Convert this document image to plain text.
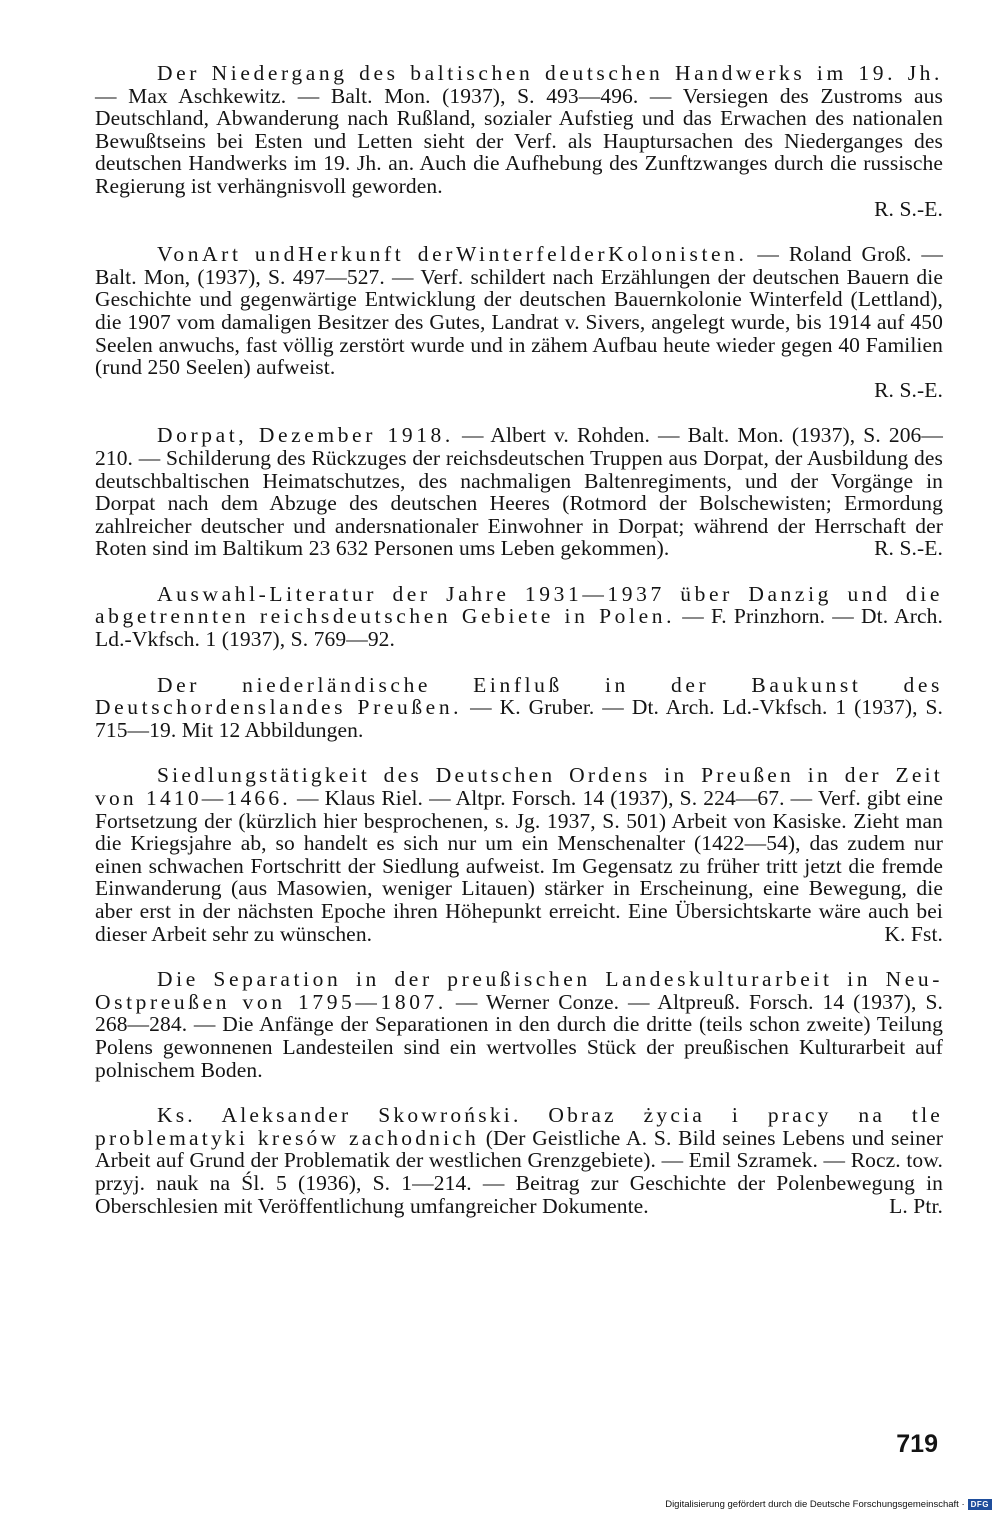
Der Niedergang des baltischen deutschen Handwerks im 19. Jh. — Max Aschkewitz. — Balt. Mon. (1937), S. 493—496. — Versiegen des Zustroms aus Deutschland, Abwanderung nach Rußland, sozialer Aufstieg und das Erwachen des nationalen Bewußtseins bei Esten und Letten sieht der Verf. als Hauptursachen des Niederganges des deutschen Handwerks im 19. Jh. an. Auch die Aufhebung des Zunftzwanges durch die russische Regierung ist verhängnisvoll geworden.

R. S.-E.

VonArt undHerkunft derWinterfelderKolonisten. — Roland Groß. — Balt. Mon, (1937), S. 497—527. — Verf. schildert nach Erzählungen der deutschen Bauern die Geschichte und gegenwärtige Entwicklung der deutschen Bauernkolonie Winterfeld (Lettland), die 1907 vom damaligen Besitzer des Gutes, Landrat v. Sivers, angelegt wurde, bis 1914 auf 450 Seelen anwuchs, fast völlig zerstört wurde und in zähem Aufbau heute wieder gegen 40 Familien (rund 250 Seelen) aufweist.

R. S.-E.

Dorpat, Dezember 1918. — Albert v. Rohden. — Balt. Mon. (1937), S. 206—210. — Schilderung des Rückzuges der reichsdeutschen Truppen aus Dorpat, der Ausbildung des deutschbaltischen Heimatschutzes, des nachmaligen Baltenregiments, und der Vorgänge in Dorpat nach dem Abzuge des deutschen Heeres (Rotmord der Bolschewisten; Ermordung zahlreicher deutscher und andersnationaler Einwohner in Dorpat; während der Herrschaft der Roten sind im Baltikum 23 632 Personen ums Leben gekommen).	R. S.-E.

Auswahl-Literatur der Jahre 1931—1937 über Danzig und die abgetrennten reichsdeutschen Gebiete in Polen. — F. Prinzhorn. — Dt. Arch. Ld.-Vkfsch. 1 (1937), S. 769—92.

Der niederländische Einfluß in der Baukunst des Deutschordenslandes Preußen. — K. Gruber. — Dt. Arch. Ld.-Vkfsch. 1 (1937), S. 715—19. Mit 12 Abbildungen.

Siedlungstätigkeit des Deutschen Ordens in Preußen in der Zeit von 1410—1466. — Klaus Riel. — Altpr. Forsch. 14 (1937), S. 224—67. — Verf. gibt eine Fortsetzung der (kürzlich hier besprochenen, s. Jg. 1937, S. 501) Arbeit von Kasiske. Zieht man die Kriegsjahre ab, so handelt es sich nur um ein Menschenalter (1422—54), das zudem nur einen schwachen Fortschritt der Siedlung aufweist. Im Gegensatz zu früher tritt jetzt die fremde Einwanderung (aus Masowien, weniger Litauen) stärker in Erscheinung, eine Bewegung, die aber erst in der nächsten Epoche ihren Höhepunkt erreicht. Eine Übersichtskarte wäre auch bei dieser Arbeit sehr zu wünschen.	K. Fst.

Die Separation in der preußischen Landeskulturarbeit in Neu-Ostpreußen von 1795—1807. — Werner Conze. — Altpreuß. Forsch. 14 (1937), S. 268—284. — Die Anfänge der Separationen in den durch die dritte (teils schon zweite) Teilung Polens gewonnenen Landesteilen sind ein wertvolles Stück der preußischen Kulturarbeit auf polnischem Boden.

Ks. Aleksander Skowroński. Obraz życia i pracy na tle problematyki kresów zachodnich (Der Geistliche A. S. Bild seines Lebens und seiner Arbeit auf Grund der Problematik der westlichen Grenzgebiete). — Emil Szramek. — Rocz. tow. przyj. nauk na Śl. 5 (1936), S. 1—214. — Beitrag zur Geschichte der Polenbewegung in Oberschlesien mit Veröffentlichung umfangreicher Dokumente.	L. Ptr.

719
Digitalisierung gefördert durch die Deutsche Forschungsgemeinschaft · DFG
